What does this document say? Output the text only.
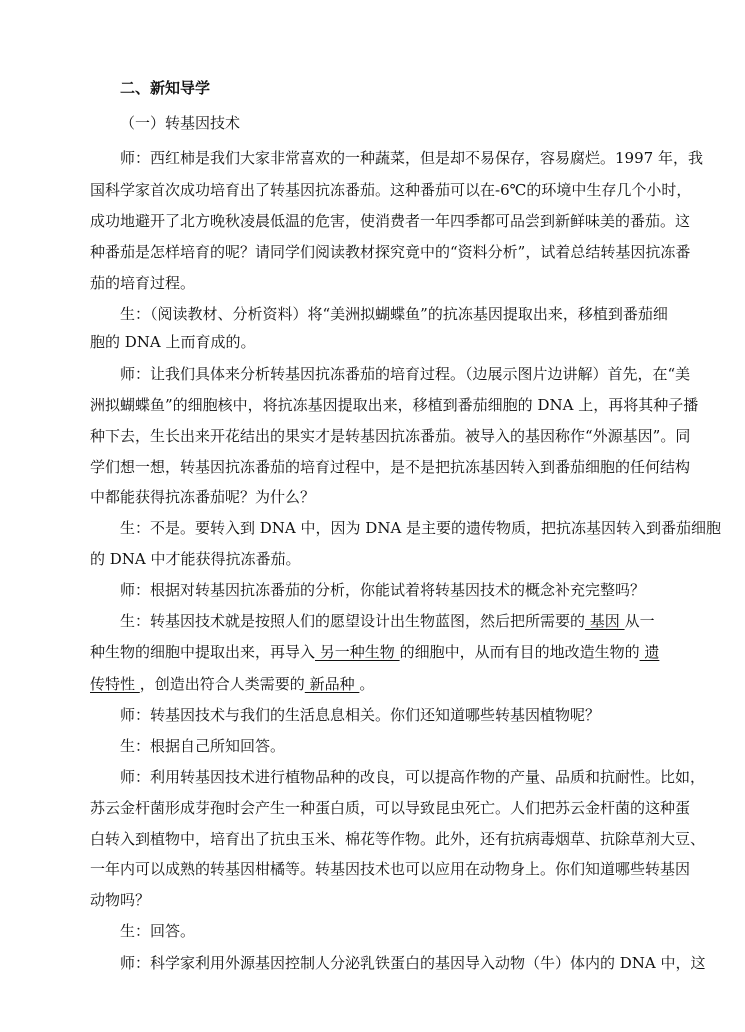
二、新知导学
（一）转基因技术
师：西红柿是我们大家非常喜欢的一种蔬菜，但是却不易保存，容易腐烂。1997 年，我
国科学家首次成功培育出了转基因抗冻番茄。这种番茄可以在-6℃的环境中生存几个小时，
成功地避开了北方晚秋凌晨低温的危害，使消费者一年四季都可品尝到新鲜味美的番茄。这
种番茄是怎样培育的呢？请同学们阅读教材探究竟中的“资料分析”，试着总结转基因抗冻番
茄的培育过程。
生：（阅读教材、分析资料）将“美洲拟蝴蝶鱼”的抗冻基因提取出来，移植到番茄细
胞的 DNA 上而育成的。
师：让我们具体来分析转基因抗冻番茄的培育过程。（边展示图片边讲解）首先，在“美
洲拟蝴蝶鱼”的细胞核中，将抗冻基因提取出来，移植到番茄细胞的 DNA 上，再将其种子播
种下去，生长出来开花结出的果实才是转基因抗冻番茄。被导入的基因称作“外源基因”。同
学们想一想，转基因抗冻番茄的培育过程中，是不是把抗冻基因转入到番茄细胞的任何结构
中都能获得抗冻番茄呢？为什么？
生：不是。要转入到 DNA 中，因为 DNA 是主要的遗传物质，把抗冻基因转入到番茄细胞
的 DNA 中才能获得抗冻番茄。
师：根据对转基因抗冻番茄的分析，你能试着将转基因技术的概念补充完整吗？
生：转基因技术就是按照人们的愿望设计出生物蓝图，然后把所需要的 基因 从一
种生物的细胞中提取出来，再导入 另一种生物 的细胞中，从而有目的地改造生物的 遗
传特性 ，创造出符合人类需要的 新品种 。
师：转基因技术与我们的生活息息相关。你们还知道哪些转基因植物呢？
生：根据自己所知回答。
师：利用转基因技术进行植物品种的改良，可以提高作物的产量、品质和抗耐性。比如，
苏云金杆菌形成芽孢时会产生一种蛋白质，可以导致昆虫死亡。人们把苏云金杆菌的这种蛋
白转入到植物中，培育出了抗虫玉米、棉花等作物。此外，还有抗病毒烟草、抗除草剂大豆、
一年内可以成熟的转基因柑橘等。转基因技术也可以应用在动物身上。你们知道哪些转基因
动物吗？
生：回答。
师：科学家利用外源基因控制人分泌乳铁蛋白的基因导入动物（牛）体内的 DNA 中，这
